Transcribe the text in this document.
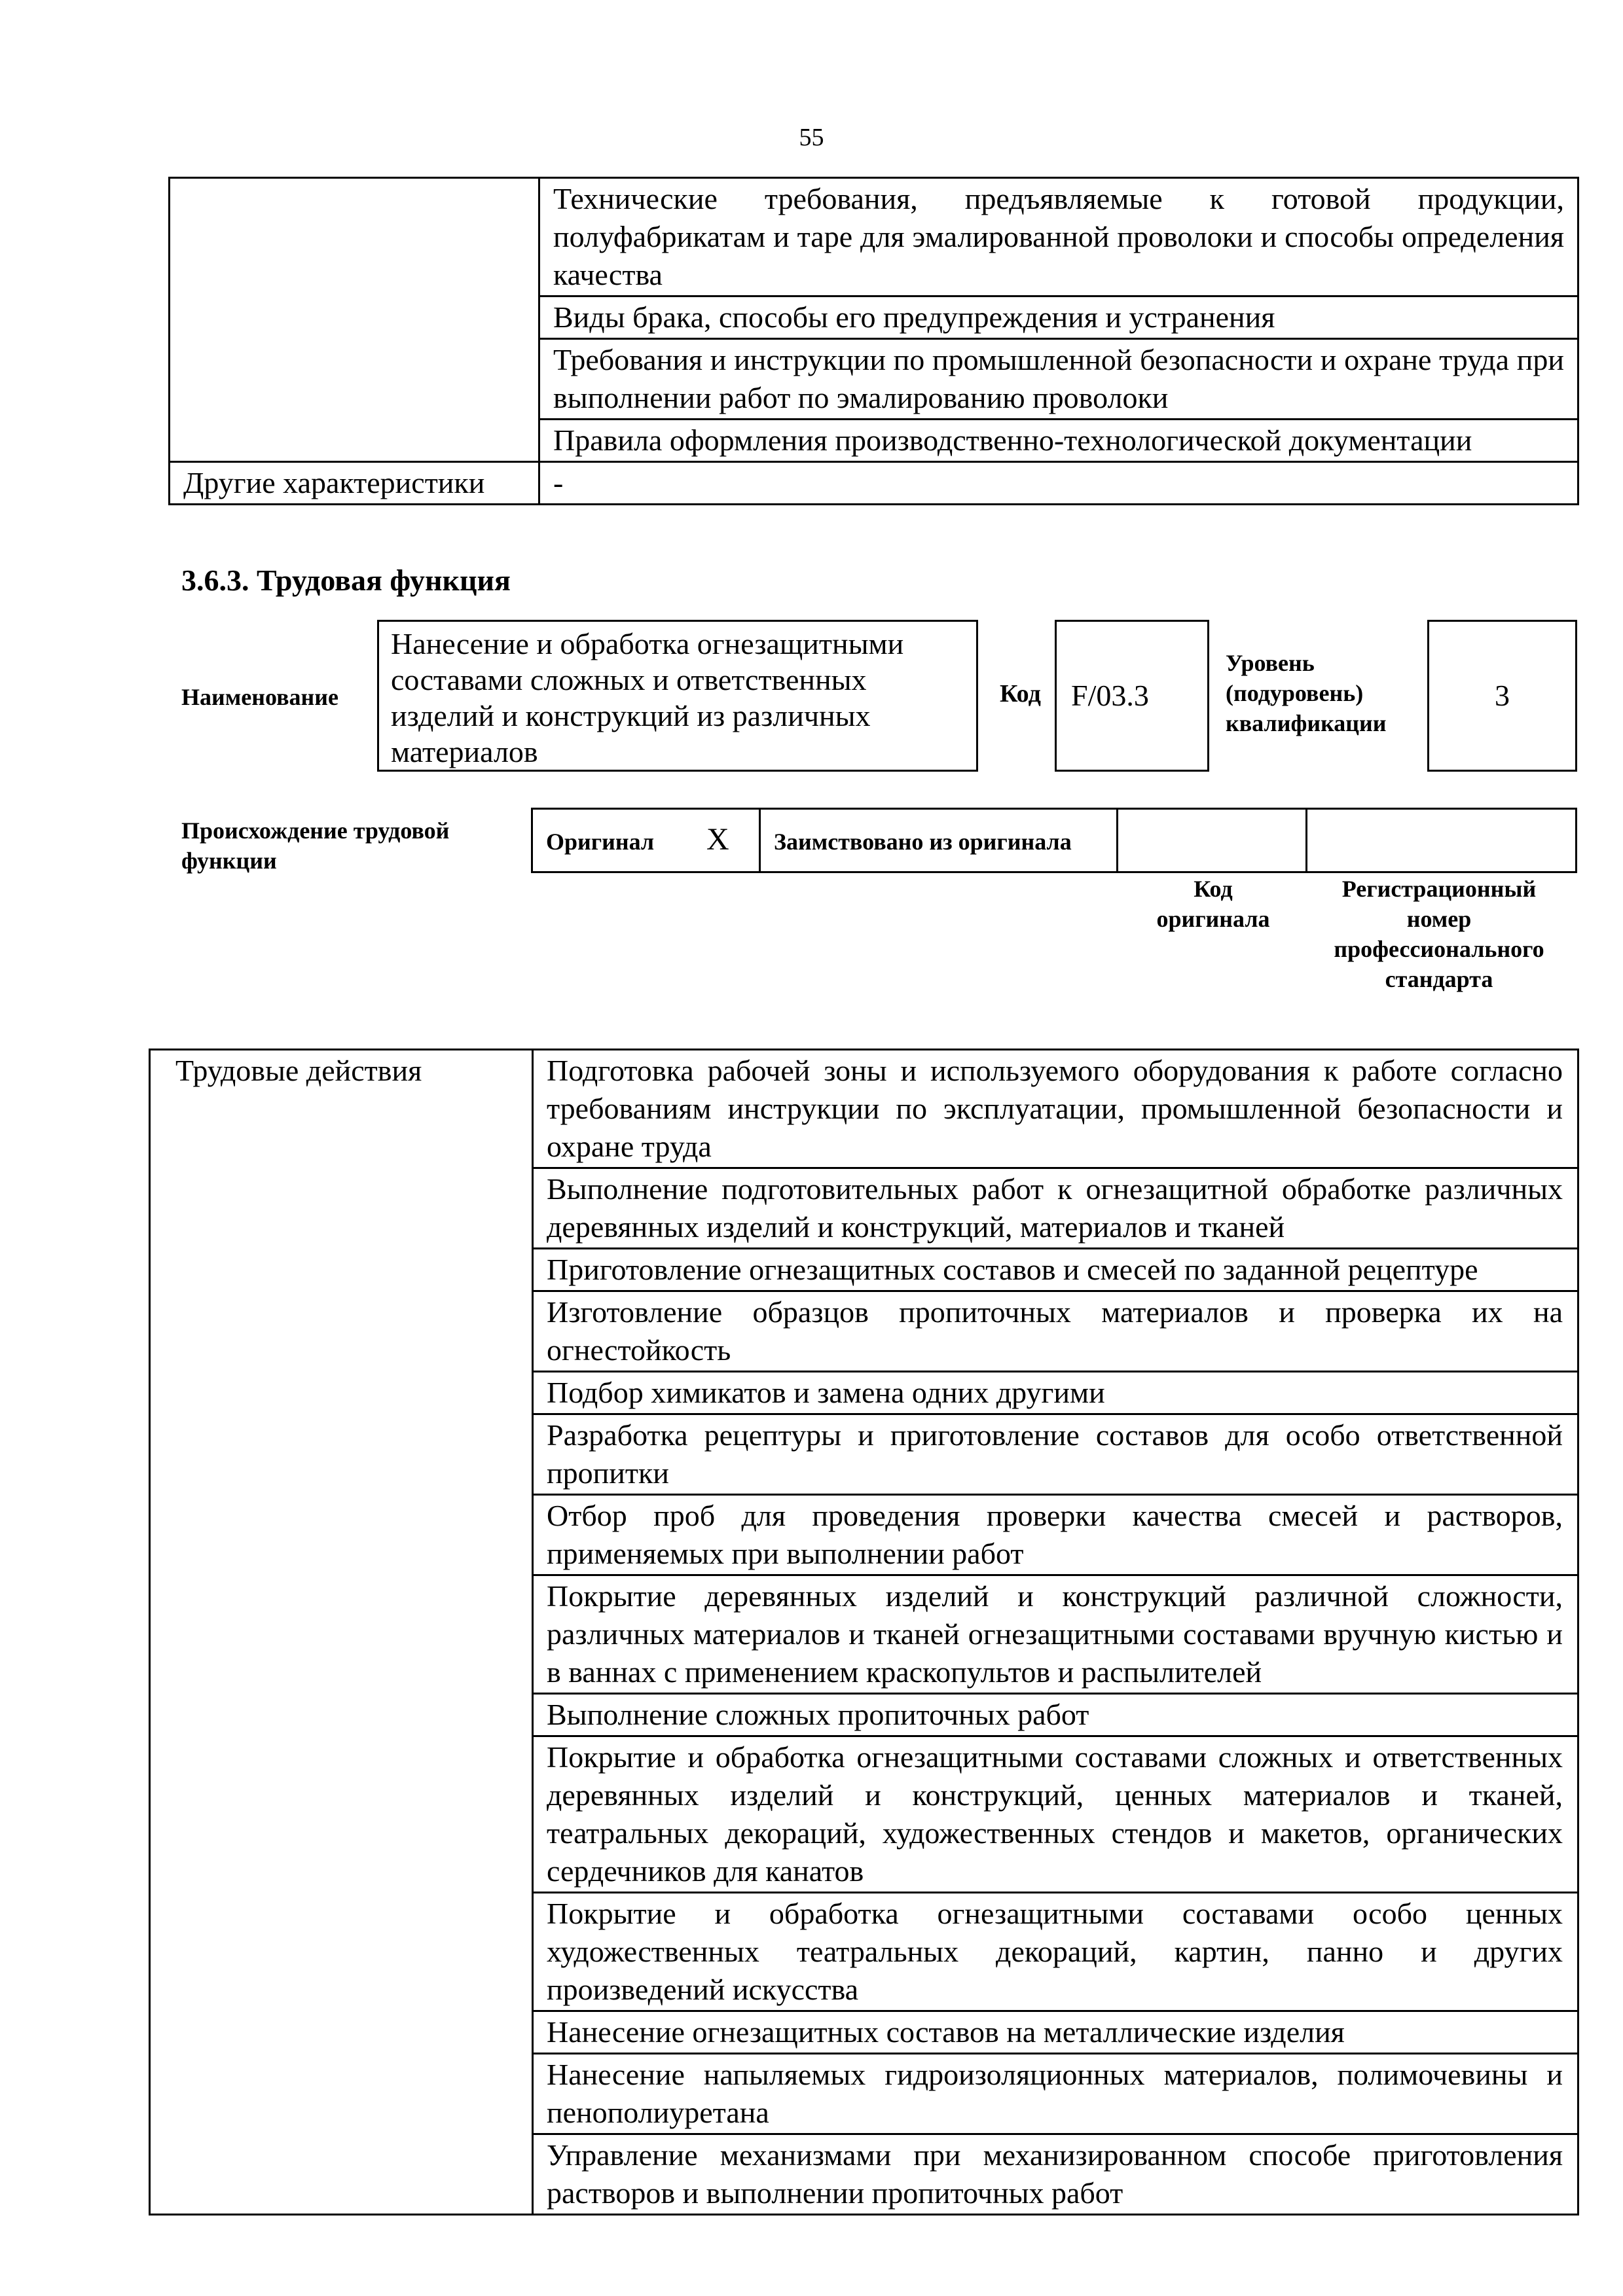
55
	Технические требования, предъявляемые к готовой продукции, полуфабрикатам и таре для эмалированной проволоки и способы определения качества
	Виды брака, способы его предупреждения и устранения
	Требования и инструкции по промышленной безопасности и охране труда при выполнении работ по эмалированию проволоки
	Правила оформления производственно-технологической документации
Другие характеристики	-
3.6.3. Трудовая функция
Наименование
Нанесение и обработка огнезащитными составами сложных и ответственных изделий и конструкций из различных материалов
Код	F/03.3
Уровень (подуровень) квалификации
3
Происхождение трудовой функции
Оригинал X Заимствовано из оригинала
Код оригинала
Регистрационный номер профессионального стандарта
Трудовые действия	Подготовка рабочей зоны и используемого оборудования к работе согласно требованиям инструкции по эксплуатации, промышленной безопасности и охране труда
Выполнение подготовительных работ к огнезащитной обработке различных деревянных изделий и конструкций, материалов и тканей
Приготовление огнезащитных составов и смесей по заданной рецептуре
Изготовление образцов пропиточных материалов и проверка их на огнестойкость
Подбор химикатов и замена одних другими
Разработка рецептуры и приготовление составов для особо ответственной пропитки
Отбор проб для проведения проверки качества смесей и растворов, применяемых при выполнении работ
Покрытие деревянных изделий и конструкций различной сложности, различных материалов и тканей огнезащитными составами вручную кистью и в ваннах с применением краскопультов и распылителей
Выполнение сложных пропиточных работ
Покрытие и обработка огнезащитными составами сложных и ответственных деревянных изделий и конструкций, ценных материалов и тканей, театральных декораций, художественных стендов и макетов, органических сердечников для канатов
Покрытие и обработка огнезащитными составами особо ценных художественных театральных декораций, картин, панно и других произведений искусства
Нанесение огнезащитных составов на металлические изделия
Нанесение напыляемых гидроизоляционных материалов, полимочевины и пенополиуретана
Управление механизмами при механизированном способе приготовления растворов и выполнении пропиточных работ
